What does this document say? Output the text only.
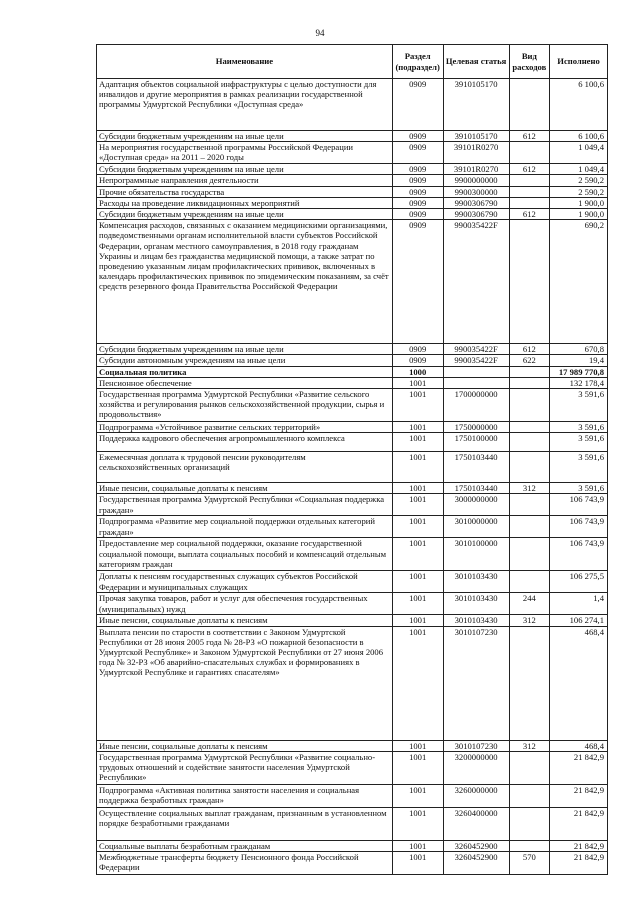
94
Наименование	Раздел (подраздел)	Целевая статья	Вид расходов	Исполнено
Адаптация объектов социальной инфраструктуры с целью доступности для инвалидов и другие мероприятия в рамках реализации государственной программы Удмуртской Республики «Доступная среда»	0909	3910105170		6 100,6
Субсидии бюджетным учреждениям на иные цели	0909	3910105170	612	6 100,6
На мероприятия государственной программы Российской Федерации «Доступная среда» на 2011 – 2020 годы	0909	39101R0270		1 049,4
Субсидии бюджетным учреждениям на иные цели	0909	39101R0270	612	1 049,4
Непрограммные направления деятельности	0909	9900000000		2 590,2
Прочие обязательства государства	0909	9900300000		2 590,2
Расходы на проведение ликвидационных мероприятий	0909	9900306790		1 900,0
Субсидии бюджетным учреждениям на иные цели	0909	9900306790	612	1 900,0
Компенсация расходов, связанных с оказанием медицинскими организациями, подведомственными органам исполнительной власти субъектов Российской Федерации, органам местного самоуправления, в 2018 году гражданам Украины и лицам без гражданства медицинской помощи, а также затрат по проведению указанным лицам профилактических прививок, включенных в календарь профилактических прививок по эпидемическим показаниям, за счёт средств резервного фонда Правительства Российской Федерации	0909	990035422F		690,2
Субсидии бюджетным учреждениям на иные цели	0909	990035422F	612	670,8
Субсидии автономным учреждениям на иные цели	0909	990035422F	622	19,4
Социальная политика	1000			17 989 770,8
Пенсионное обеспечение	1001			132 178,4
Государственная программа Удмуртской Республики «Развитие сельского хозяйства и регулирования рынков сельскохозяйственной продукции, сырья и продовольствия»	1001	1700000000		3 591,6
Подпрограмма «Устойчивое развитие сельских территорий»	1001	1750000000		3 591,6
Поддержка кадрового обеспечения агропромышленного комплекса	1001	1750100000		3 591,6
Ежемесячная доплата к трудовой пенсии руководителям сельскохозяйственных организаций	1001	1750103440		3 591,6
Иные пенсии, социальные доплаты к пенсиям	1001	1750103440	312	3 591,6
Государственная программа Удмуртской Республики «Социальная поддержка граждан»	1001	3000000000		106 743,9
Подпрограмма «Развитие мер социальной поддержки отдельных категорий граждан»	1001	3010000000		106 743,9
Предоставление мер социальной поддержки, оказание государственной социальной помощи, выплата социальных пособий и компенсаций отдельным категориям граждан	1001	3010100000		106 743,9
Доплаты к пенсиям государственных служащих субъектов Российской Федерации и муниципальных служащих	1001	3010103430		106 275,5
Прочая закупка товаров, работ и услуг для обеспечения государственных (муниципальных) нужд	1001	3010103430	244	1,4
Иные пенсии, социальные доплаты к пенсиям	1001	3010103430	312	106 274,1
Выплата пенсии по старости в соответствии с Законом Удмуртской Республики от 28 июня 2005 года № 28-РЗ «О пожарной безопасности в Удмуртской Республике» и Законом Удмуртской Республики от 27 июня 2006 года № 32-РЗ «Об аварийно-спасательных службах и формированиях в Удмуртской Республике и гарантиях спасателям»	1001	3010107230		468,4
Иные пенсии, социальные доплаты к пенсиям	1001	3010107230	312	468,4
Государственная программа Удмуртской Республики «Развитие социально-трудовых отношений и содействие занятости населения Удмуртской Республики»	1001	3200000000		21 842,9
Подпрограмма «Активная политика занятости населения и социальная поддержка безработных граждан»	1001	3260000000		21 842,9
Осуществление социальных выплат гражданам, признанным в установленном порядке безработными гражданами	1001	3260400000		21 842,9
Социальные выплаты безработным гражданам	1001	3260452900		21 842,9
Межбюджетные трансферты бюджету Пенсионного фонда Российской Федерации	1001	3260452900	570	21 842,9
